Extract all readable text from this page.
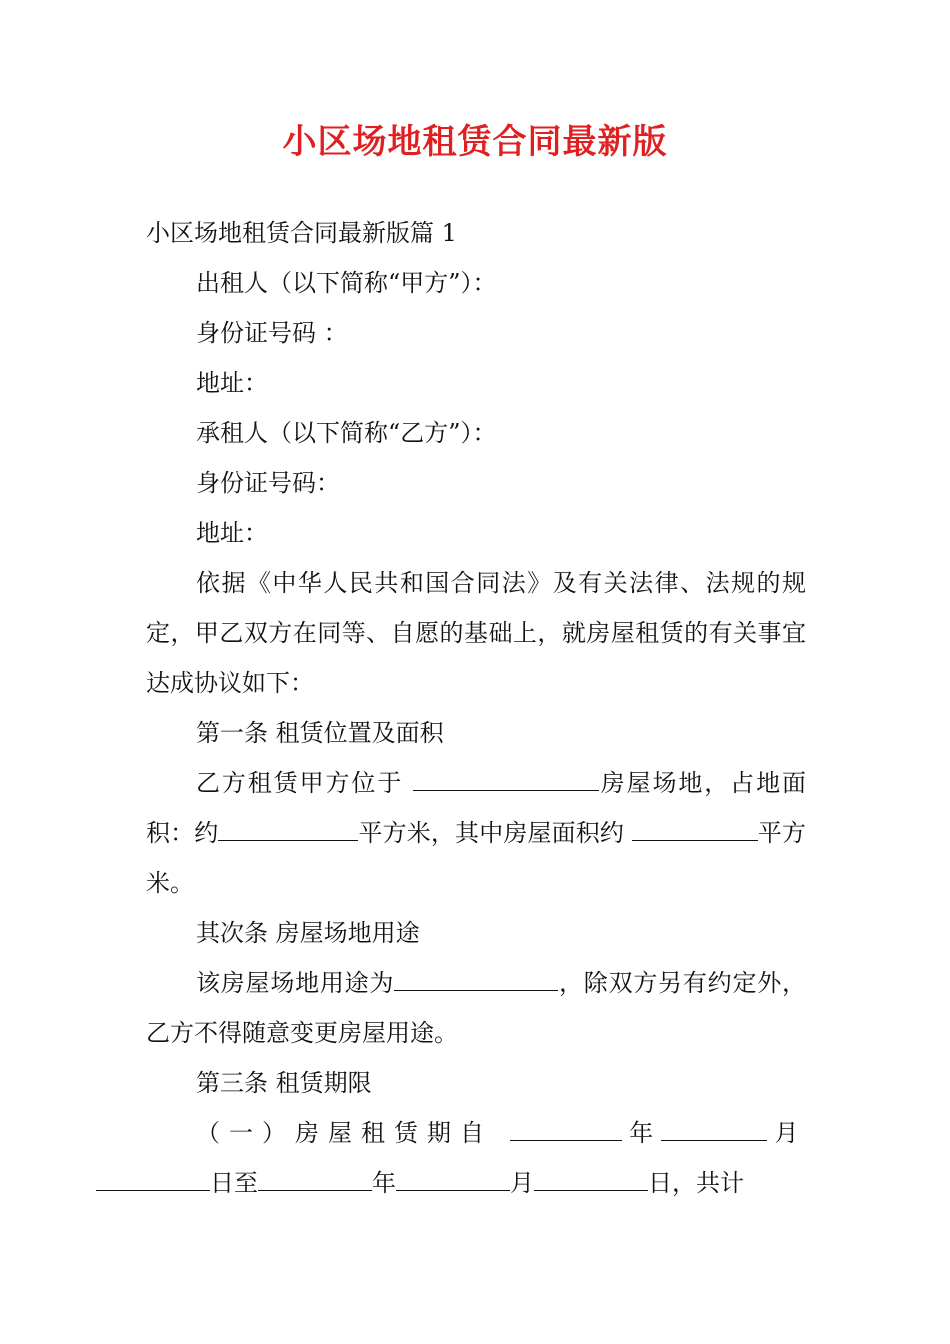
小区场地租赁合同最新版

小区场地租赁合同最新版篇 1

出租人（以下简称“甲方”）：

身份证号码 ：

地址：

承租人（以下简称“乙方”）：

身份证号码：

地址：

依据《中华人民共和国合同法》及有关法律、法规的规定，甲乙双方在同等、自愿的基础上，就房屋租赁的有关事宜达成协议如下：

第一条 租赁位置及面积

乙方租赁甲方位于	房屋场地，占地面积：约	平方米，其中房屋面积约	平方米。

其次条 房屋场地用途

该房屋场地用途为	，除双方另有约定外，乙方不得随意变更房屋用途。

第三条 租赁期限

（一）房屋租赁期自	年	月
日至	年	月	日，共计
